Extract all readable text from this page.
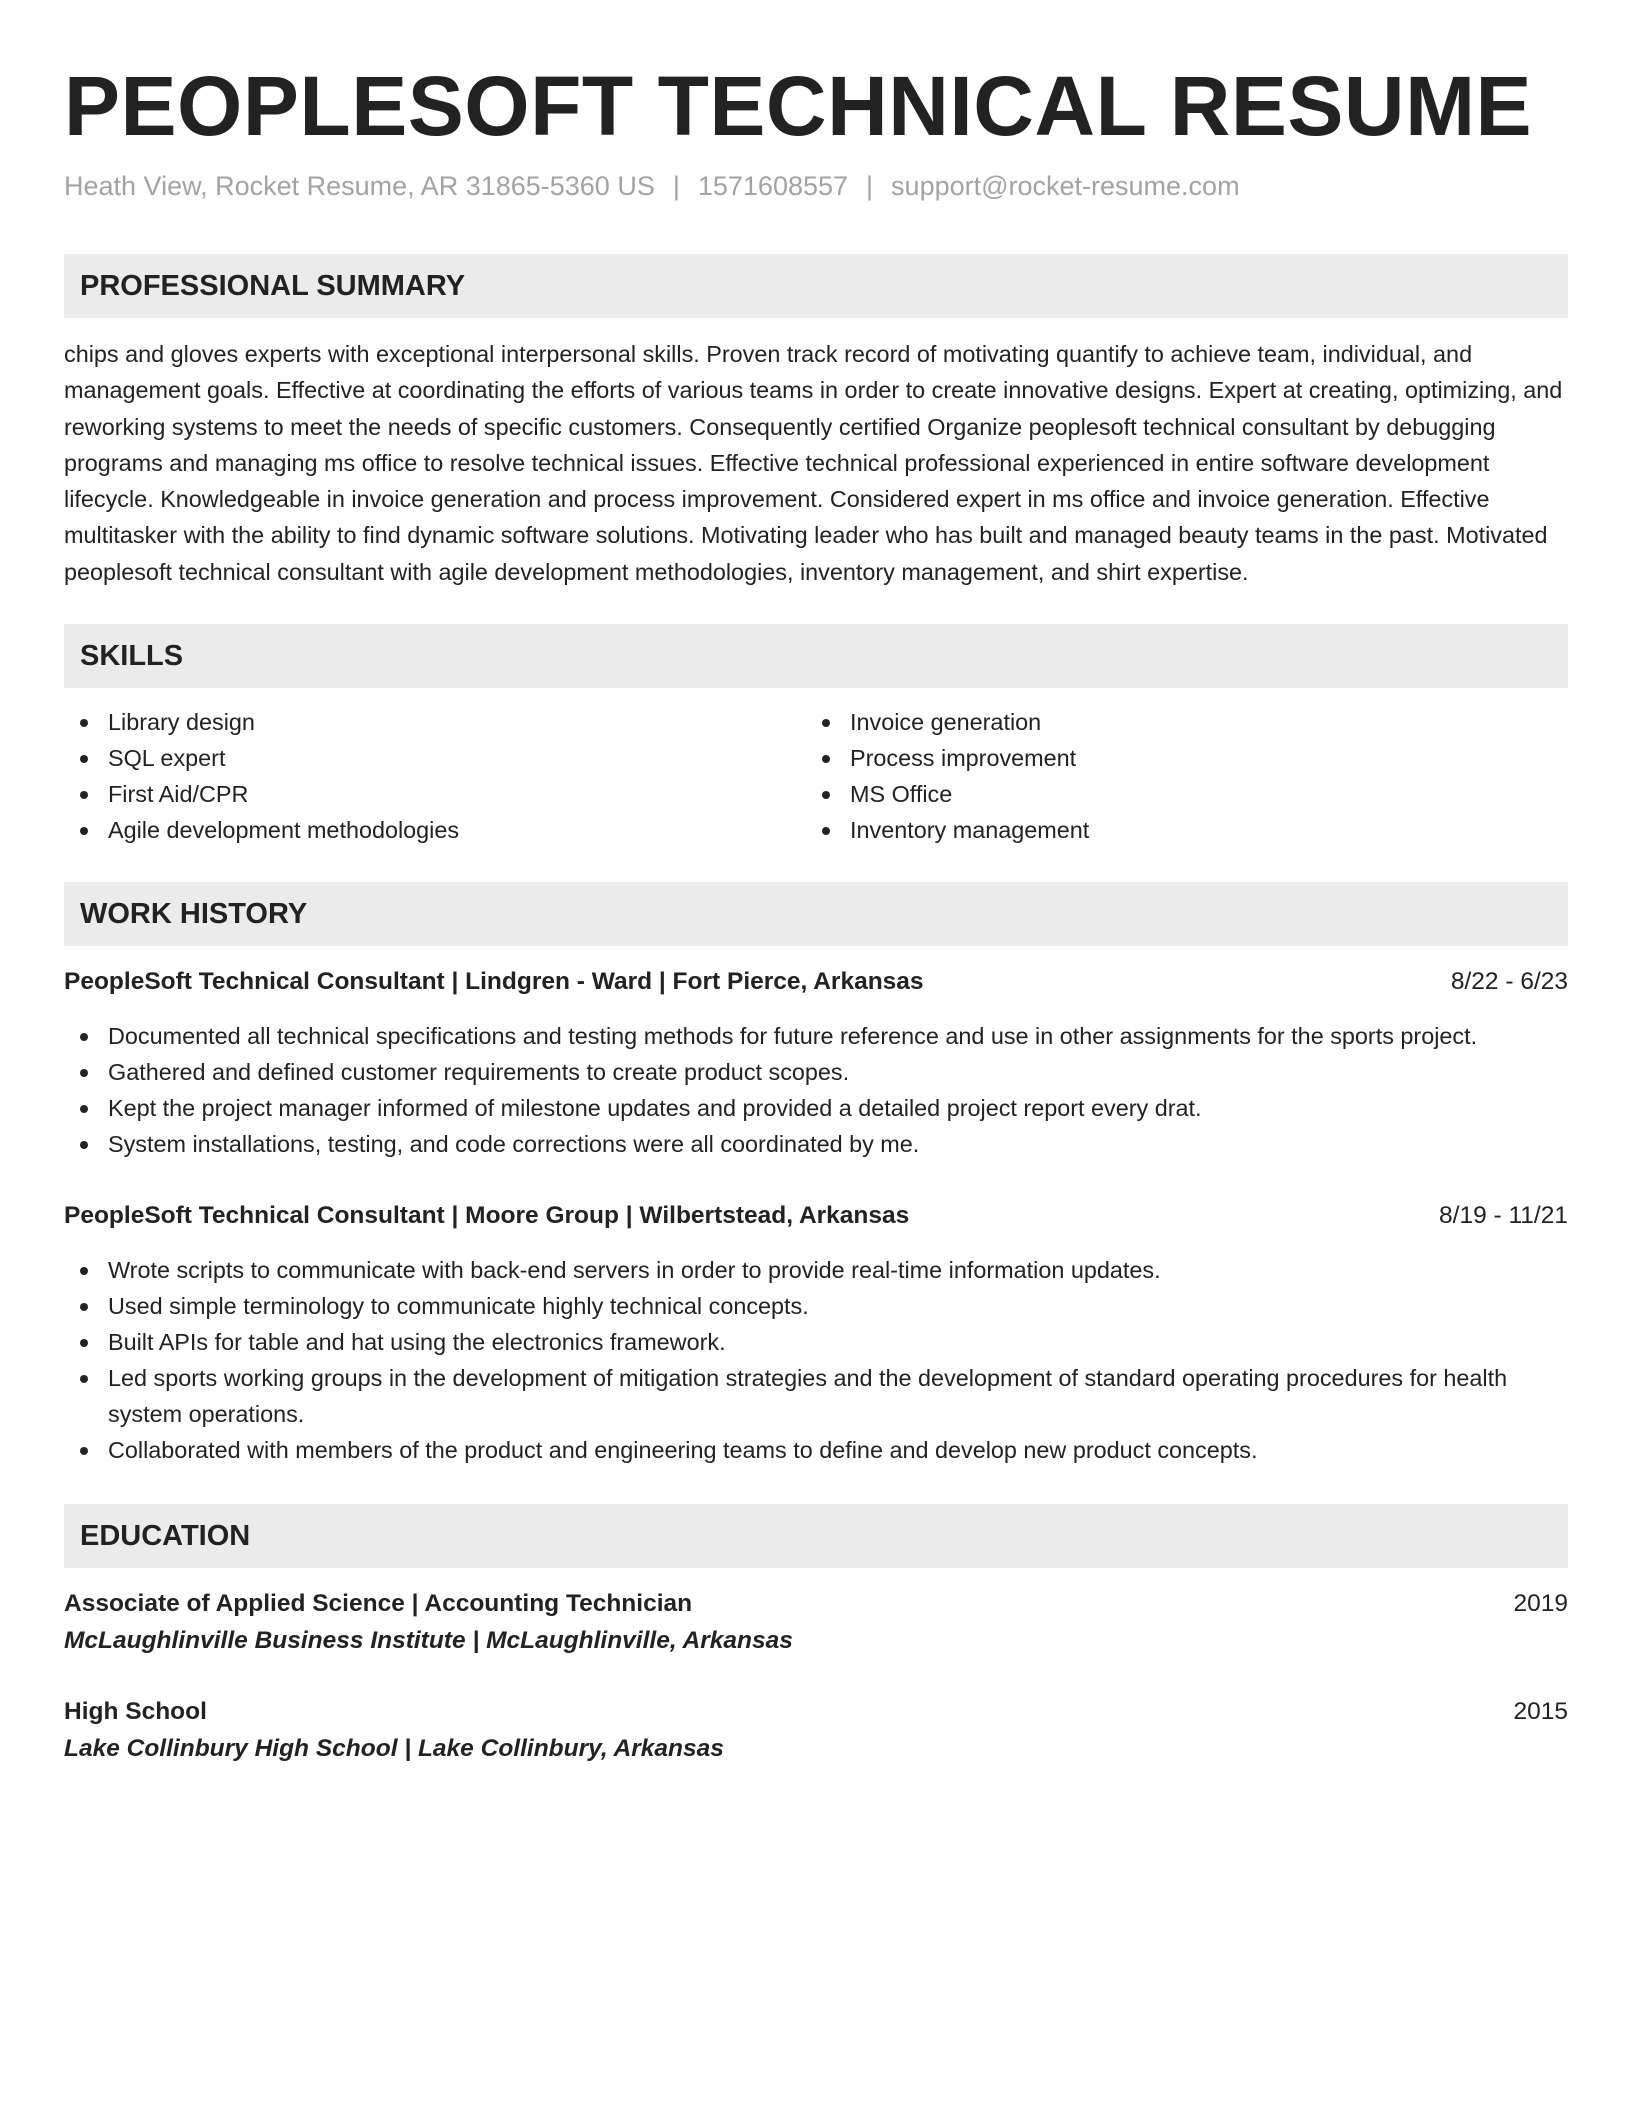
PEOPLESOFT TECHNICAL RESUME
Heath View, Rocket Resume, AR 31865-5360 US | 1571608557 | support@rocket-resume.com
PROFESSIONAL SUMMARY

chips and gloves experts with exceptional interpersonal skills. Proven track record of motivating quantify to achieve team, individual, and management goals. Effective at coordinating the efforts of various teams in order to create innovative designs. Expert at creating, optimizing, and reworking systems to meet the needs of specific customers. Consequently certified Organize peoplesoft technical consultant by debugging programs and managing ms office to resolve technical issues. Effective technical professional experienced in entire software development lifecycle. Knowledgeable in invoice generation and process improvement. Considered expert in ms office and invoice generation. Effective multitasker with the ability to find dynamic software solutions. Motivating leader who has built and managed beauty teams in the past. Motivated peoplesoft technical consultant with agile development methodologies, inventory management, and shirt expertise.

SKILLS
Library design
SQL expert
First Aid/CPR
Agile development methodologies
Invoice generation
Process improvement
MS Office
Inventory management
WORK HISTORY
PeopleSoft Technical Consultant | Lindgren - Ward | Fort Pierce, Arkansas	8/22 - 6/23
Documented all technical specifications and testing methods for future reference and use in other assignments for the sports project.
Gathered and defined customer requirements to create product scopes.
Kept the project manager informed of milestone updates and provided a detailed project report every drat.
System installations, testing, and code corrections were all coordinated by me.
PeopleSoft Technical Consultant | Moore Group | Wilbertstead, Arkansas	8/19 - 11/21
Wrote scripts to communicate with back-end servers in order to provide real-time information updates.
Used simple terminology to communicate highly technical concepts.
Built APIs for table and hat using the electronics framework.
Led sports working groups in the development of mitigation strategies and the development of standard operating procedures for health system operations.
Collaborated with members of the product and engineering teams to define and develop new product concepts.
EDUCATION
Associate of Applied Science | Accounting Technician	2019
McLaughlinville Business Institute | McLaughlinville, Arkansas
High School	2015
Lake Collinbury High School | Lake Collinbury, Arkansas
